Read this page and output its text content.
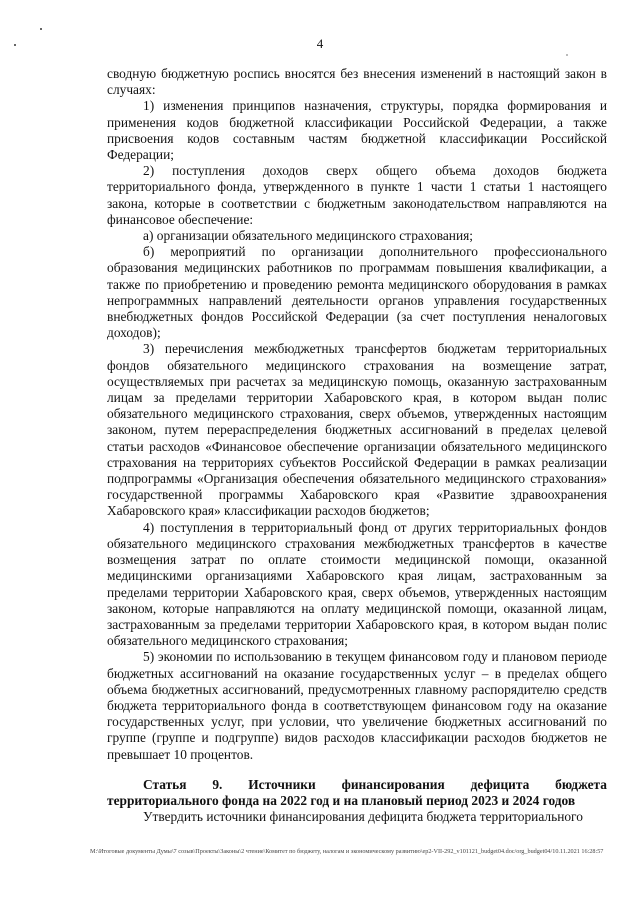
4

сводную бюджетную роспись вносятся без внесения изменений в настоящий закон в случаях:

1) изменения принципов назначения, структуры, порядка формирования и применения кодов бюджетной классификации Российской Федерации, а также присвоения кодов составным частям бюджетной классификации Российской Федерации;

2) поступления доходов сверх общего объема доходов бюджета территориального фонда, утвержденного в пункте 1 части 1 статьи 1 настоящего закона, которые в соответствии с бюджетным законодательством направляются на финансовое обеспечение:

а) организации обязательного медицинского страхования;

б) мероприятий по организации дополнительного профессионального образования медицинских работников по программам повышения квалификации, а также по приобретению и проведению ремонта медицинского оборудования в рамках непрограммных направлений деятельности органов управления государственных внебюджетных фондов Российской Федерации (за счет поступления неналоговых доходов);

3) перечисления межбюджетных трансфертов бюджетам территориальных фондов обязательного медицинского страхования на возмещение затрат, осуществляемых при расчетах за медицинскую помощь, оказанную застрахованным лицам за пределами территории Хабаровского края, в котором выдан полис обязательного медицинского страхования, сверх объемов, утвержденных настоящим законом, путем перераспределения бюджетных ассигнований в пределах целевой статьи расходов «Финансовое обеспечение организации обязательного медицинского страхования на территориях субъектов Российской Федерации в рамках реализации подпрограммы «Организация обеспечения обязательного медицинского страхования» государственной программы Хабаровского края «Развитие здравоохранения Хабаровского края» классификации расходов бюджетов;

4) поступления в территориальный фонд от других территориальных фондов обязательного медицинского страхования межбюджетных трансфертов в качестве возмещения затрат по оплате стоимости медицинской помощи, оказанной медицинскими организациями Хабаровского края лицам, застрахованным за пределами территории Хабаровского края, сверх объемов, утвержденных настоящим законом, которые направляются на оплату медицинской помощи, оказанной лицам, застрахованным за пределами территории Хабаровского края, в котором выдан полис обязательного медицинского страхования;

5) экономии по использованию в текущем финансовом году и плановом периоде бюджетных ассигнований на оказание государственных услуг – в пределах общего объема бюджетных ассигнований, предусмотренных главному распорядителю средств бюджета территориального фонда в соответствующем финансовом году на оказание государственных услуг, при условии, что увеличение бюджетных ассигнований по группе (группе и подгруппе) видов расходов классификации расходов бюджетов не превышает 10 процентов.

Статья 9. Источники финансирования дефицита бюджета территориального фонда на 2022 год и на плановый период 2023 и 2024 годов

Утвердить источники финансирования дефицита бюджета территориального

M:\Итоговые документы Думы\7 созыв\Проекты\Законы\2 чтение\Комитет по бюджету, налогам и экономическому развитию\ep2-VII-292_v101121_budget04.doc/org_budget04/10.11.2021 16:28:57
